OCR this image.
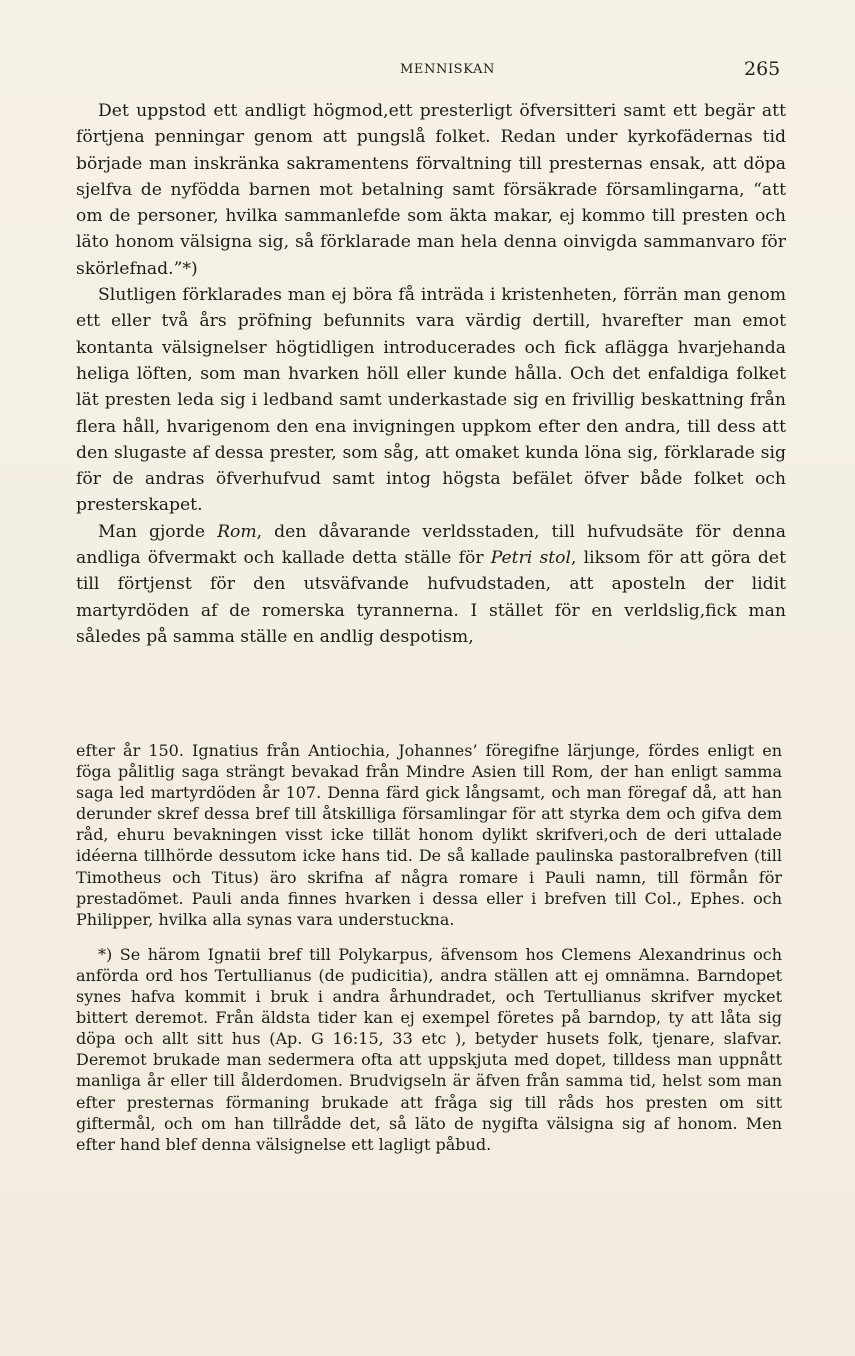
MENNISKAN	265

Det uppstod ett andligt högmod,ett presterligt öfversitteri samt ett begär att förtjena penningar genom att pungslå folket. Redan under kyrkofädernas tid började man inskränka sakramentens förvaltning till presternas ensak, att döpa sjelfva de nyfödda barnen mot betalning samt försäkrade församlingarna, “att om de personer, hvilka sammanlefde som äkta makar, ej kommo till presten och läto honom välsigna sig, så förklarade man hela denna oinvigda sammanvaro för skörlefnad.”*)

Slutligen förklarades man ej böra få inträda i kristenheten, förrän man genom ett eller två års pröfning befunnits vara värdig dertill, hvarefter man emot kontanta välsignelser högtidligen introducerades och fick aflägga hvarjehanda heliga löften, som man hvarken höll eller kunde hålla. Och det enfaldiga folket lät presten leda sig i ledband samt underkastade sig en frivillig beskattning från flera håll, hvarigenom den ena invigningen uppkom efter den andra, till dess att den slugaste af dessa prester, som såg, att omaket kunda löna sig, förklarade sig för de andras öfverhufvud samt intog högsta befälet öfver både folket och presterskapet.

Man gjorde Rom, den dåvarande verldsstaden, till hufvudsäte för denna andliga öfvermakt och kallade detta ställe för Petri stol, liksom för att göra det till förtjenst för den utsväfvande hufvudstaden, att aposteln der lidit martyrdöden af de romerska tyrannerna. I stället för en verldslig,fick man således på samma ställe en andlig despotism,

efter år 150. Ignatius från Antiochia, Johannes’ föregifne lärjunge, fördes enligt en föga pålitlig saga strängt bevakad från Mindre Asien till Rom, der han enligt samma saga led martyrdöden år 107. Denna färd gick långsamt, och man föregaf då, att han derunder skref dessa bref till åtskilliga församlingar för att styrka dem och gifva dem råd, ehuru bevakningen visst icke tillät honom dylikt skrifveri,och de deri uttalade idéerna tillhörde dessutom icke hans tid. De så kallade paulinska pastoralbrefven (till Timotheus och Titus) äro skrifna af några romare i Pauli namn, till förmån för prestadömet. Pauli anda finnes hvarken i dessa eller i brefven till Col., Ephes. och Philipper, hvilka alla synas vara understuckna.

*) Se härom Ignatii bref till Polykarpus, äfvensom hos Clemens Alexandrinus och anförda ord hos Tertullianus (de pudicitia), andra ställen att ej omnämna. Barndopet synes hafva kommit i bruk i andra århundradet, och Tertullianus skrifver mycket bittert deremot. Från äldsta tider kan ej exempel företes på barndop, ty att låta sig döpa och allt sitt hus (Ap. G 16:15, 33 etc ), betyder husets folk, tjenare, slafvar. Deremot brukade man sedermera ofta att uppskjuta med dopet, tilldess man uppnått manliga år eller till ålderdomen. Brudvigseln är äfven från samma tid, helst som man efter presternas förmaning brukade att fråga sig till råds hos presten om sitt giftermål, och om han tillrådde det, så läto de nygifta välsigna sig af honom. Men efter hand blef denna välsignelse ett lagligt påbud.
